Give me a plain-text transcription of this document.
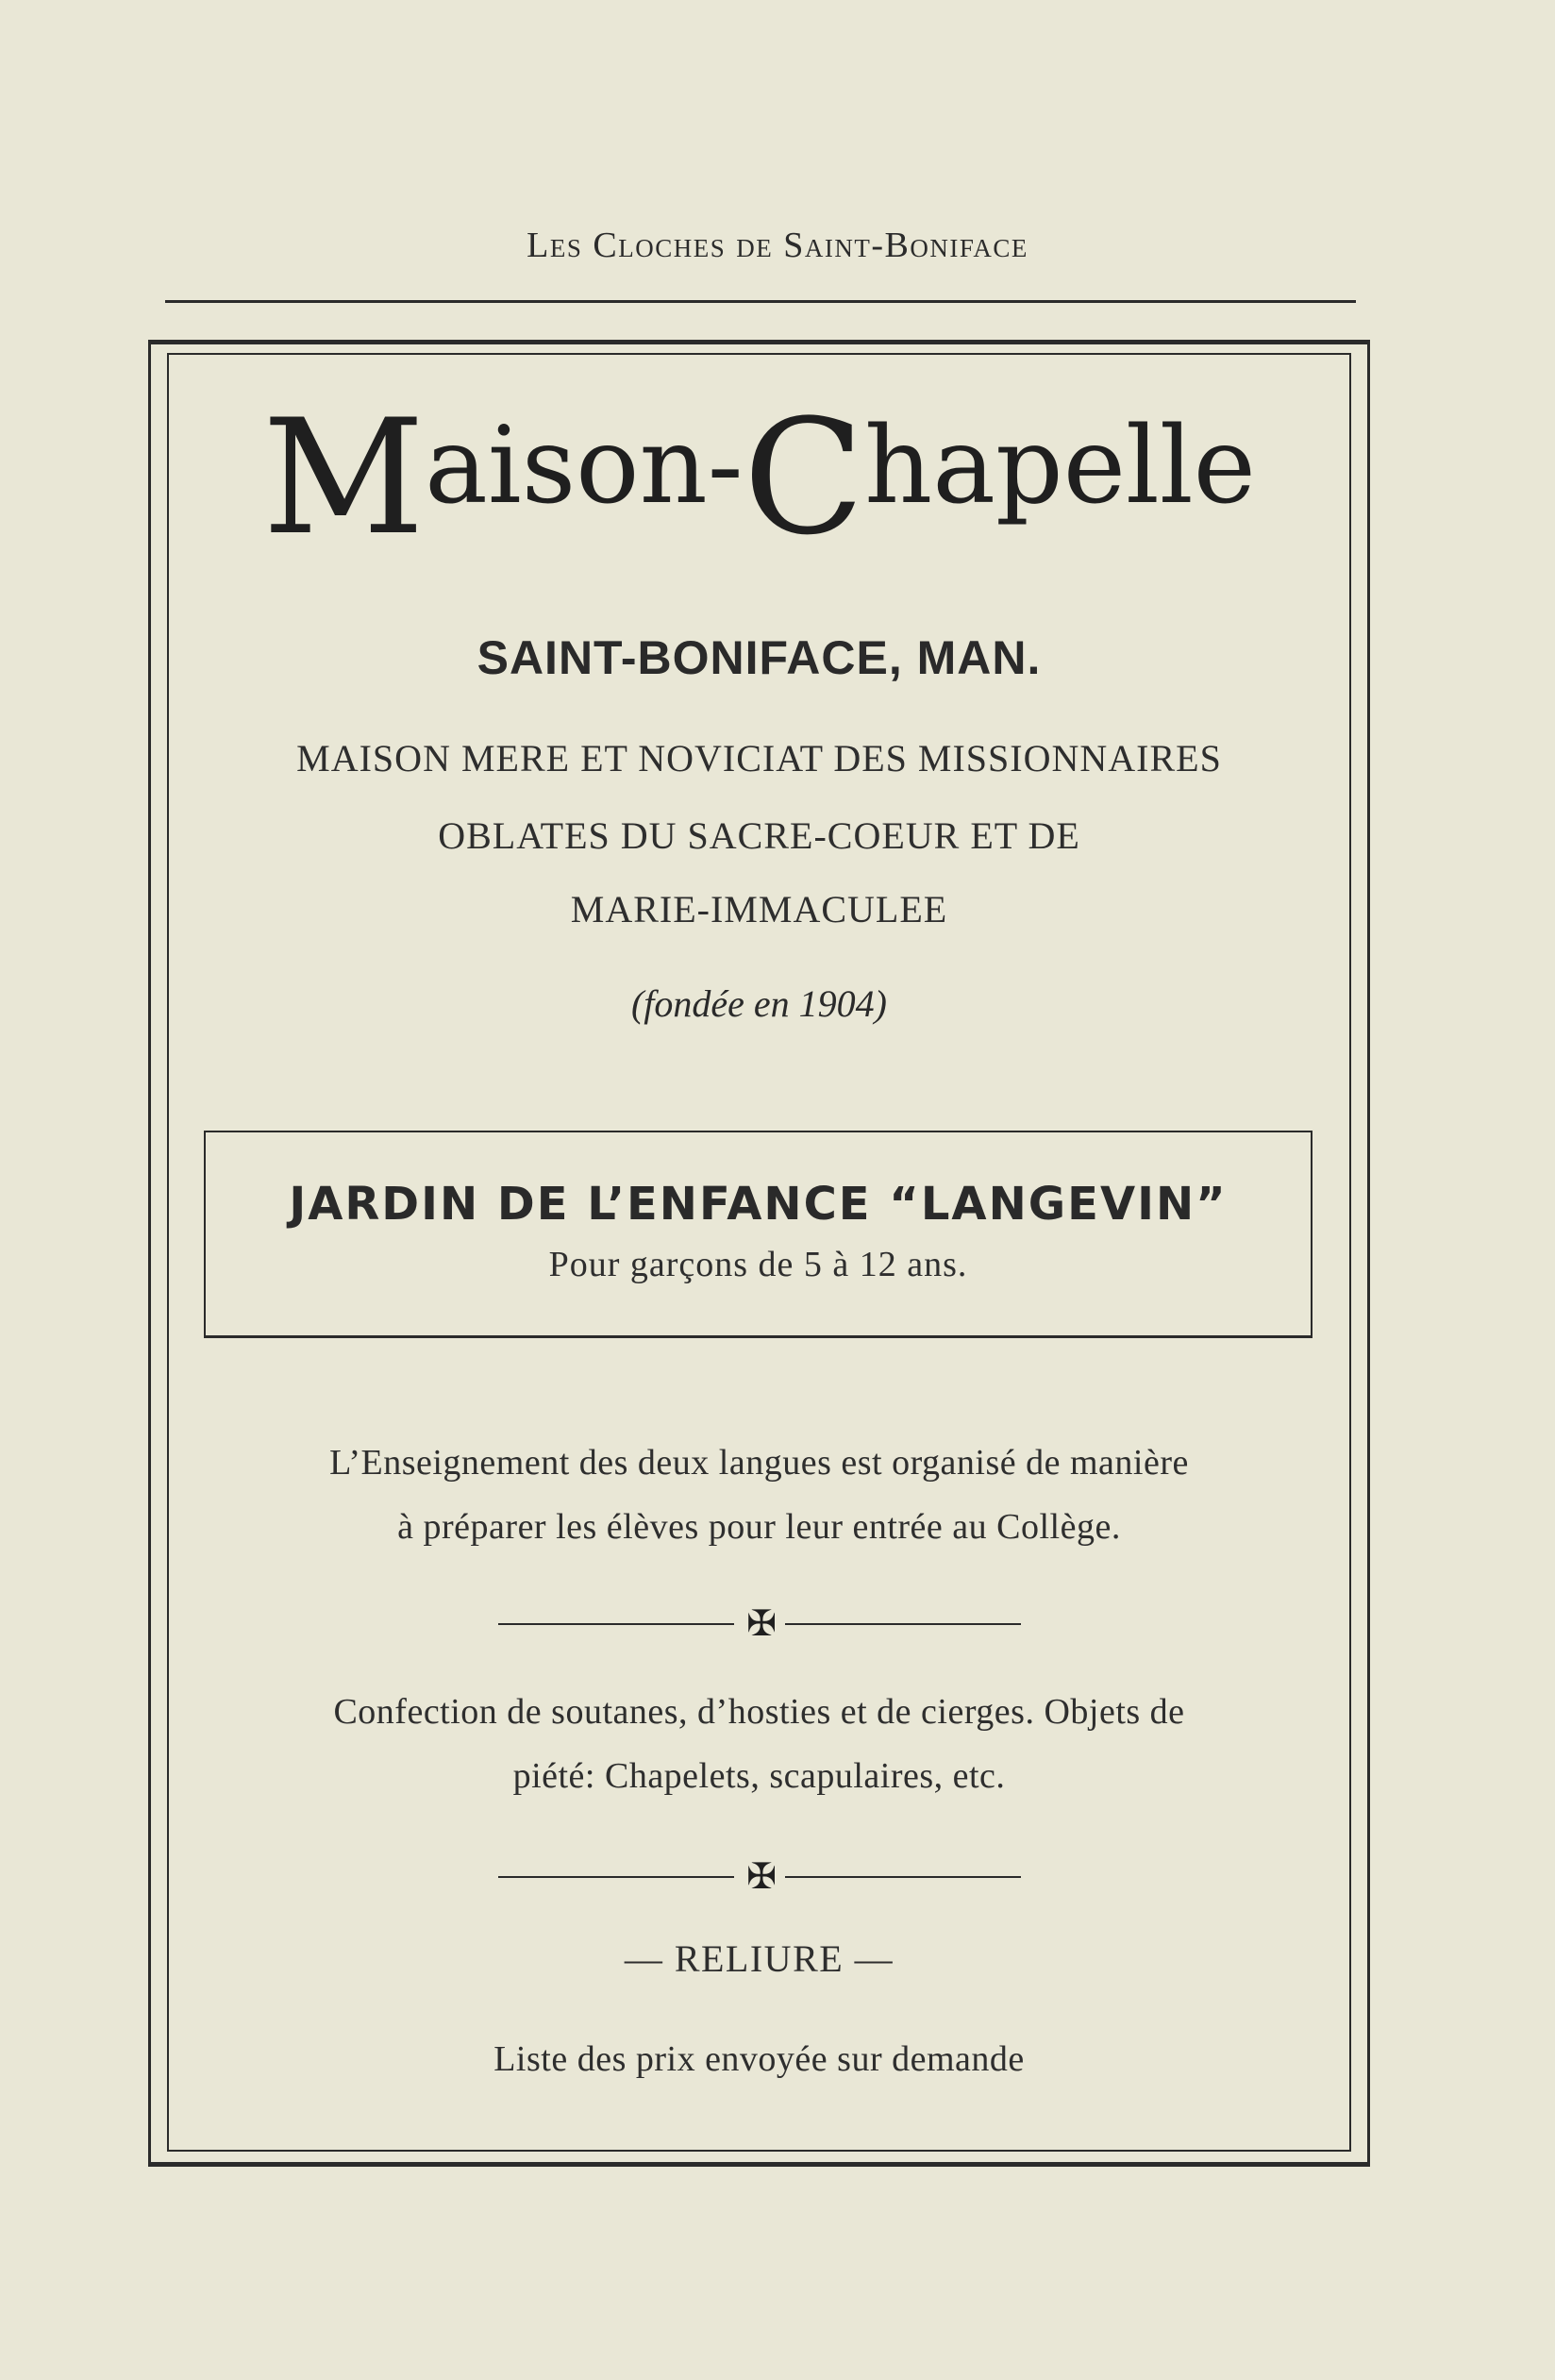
Les Cloches de Saint-Boniface
Maison-Chapelle
SAINT-BONIFACE, MAN.
MAISON MERE ET NOVICIAT DES MISSIONNAIRES
OBLATES DU SACRE-COEUR ET DE
MARIE-IMMACULEE
(fondée en 1904)
JARDIN DE L’ENFANCE “LANGEVIN”
Pour garçons de 5 à 12 ans.
L’Enseignement des deux langues est organisé de manière
à préparer les élèves pour leur entrée au Collège.
✠
Confection de soutanes, d’hosties et de cierges. Objets de
piété: Chapelets, scapulaires, etc.
✠
— RELIURE —
Liste des prix envoyée sur demande
